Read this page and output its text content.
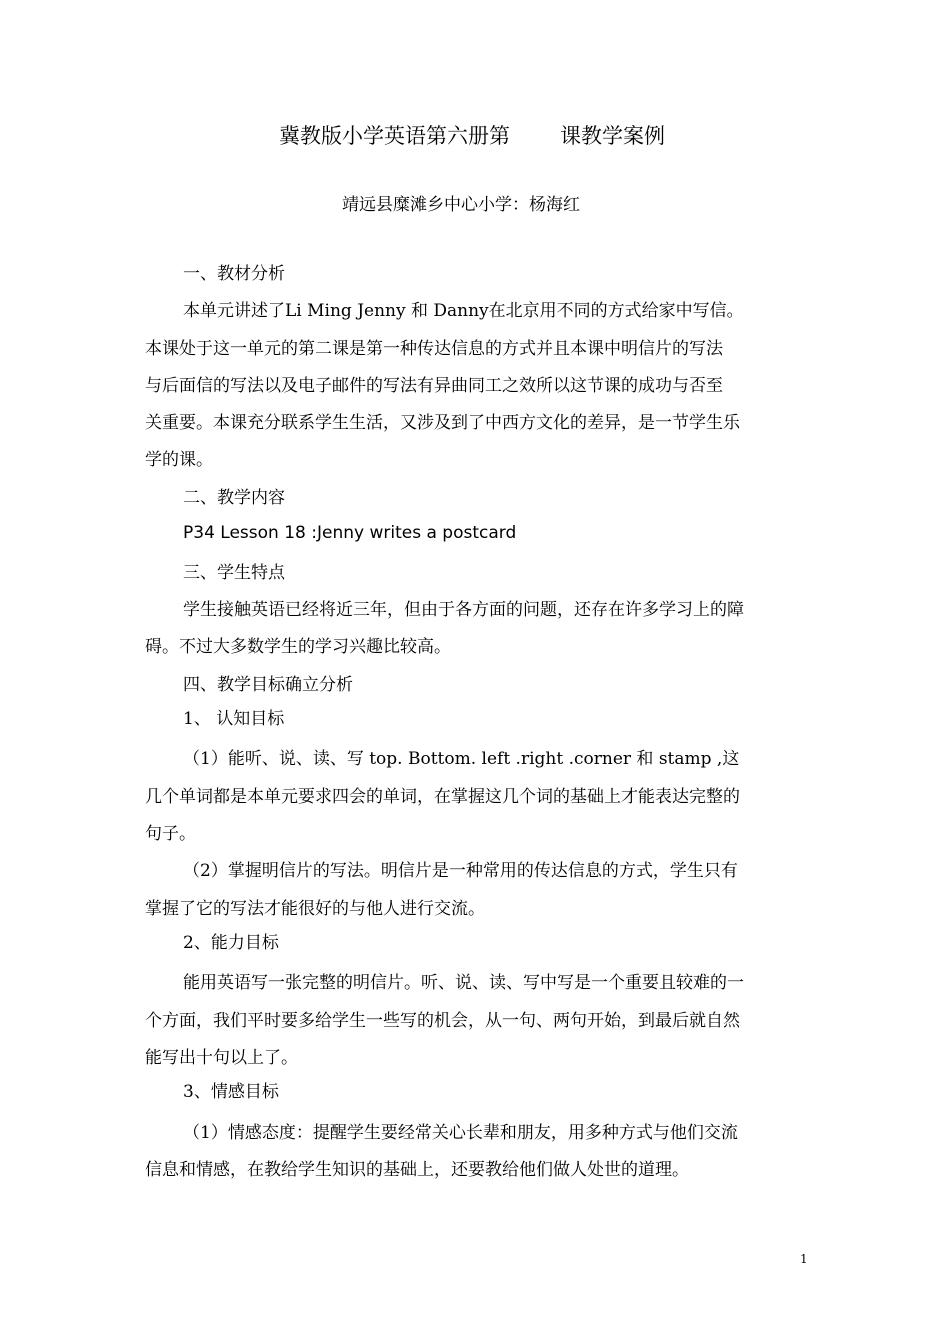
冀教版小学英语第六册第 课教学案例
靖远县糜滩乡中心小学：杨海红
一、教材分析
本单元讲述了Li Ming Jenny 和 Danny在北京用不同的方式给家中写信。
本课处于这一单元的第二课是第一种传达信息的方式并且本课中明信片的写法
与后面信的写法以及电子邮件的写法有异曲同工之效所以这节课的成功与否至
关重要。本课充分联系学生生活，又涉及到了中西方文化的差异，是一节学生乐
学的课。
二、教学内容
P34 Lesson 18 :Jenny writes a postcard
三、学生特点
学生接触英语已经将近三年，但由于各方面的问题，还存在许多学习上的障
碍。不过大多数学生的学习兴趣比较高。
四、教学目标确立分析
1、 认知目标
（1）能听、说、读、写 top. Bottom. left .right .corner 和 stamp ,这
几个单词都是本单元要求四会的单词，在掌握这几个词的基础上才能表达完整的
句子。
（2）掌握明信片的写法。明信片是一种常用的传达信息的方式，学生只有
掌握了它的写法才能很好的与他人进行交流。
2、能力目标
能用英语写一张完整的明信片。听、说、读、写中写是一个重要且较难的一
个方面，我们平时要多给学生一些写的机会，从一句、两句开始，到最后就自然
能写出十句以上了。
3、情感目标
（1）情感态度：提醒学生要经常关心长辈和朋友，用多种方式与他们交流
信息和情感，在教给学生知识的基础上，还要教给他们做人处世的道理。
1
